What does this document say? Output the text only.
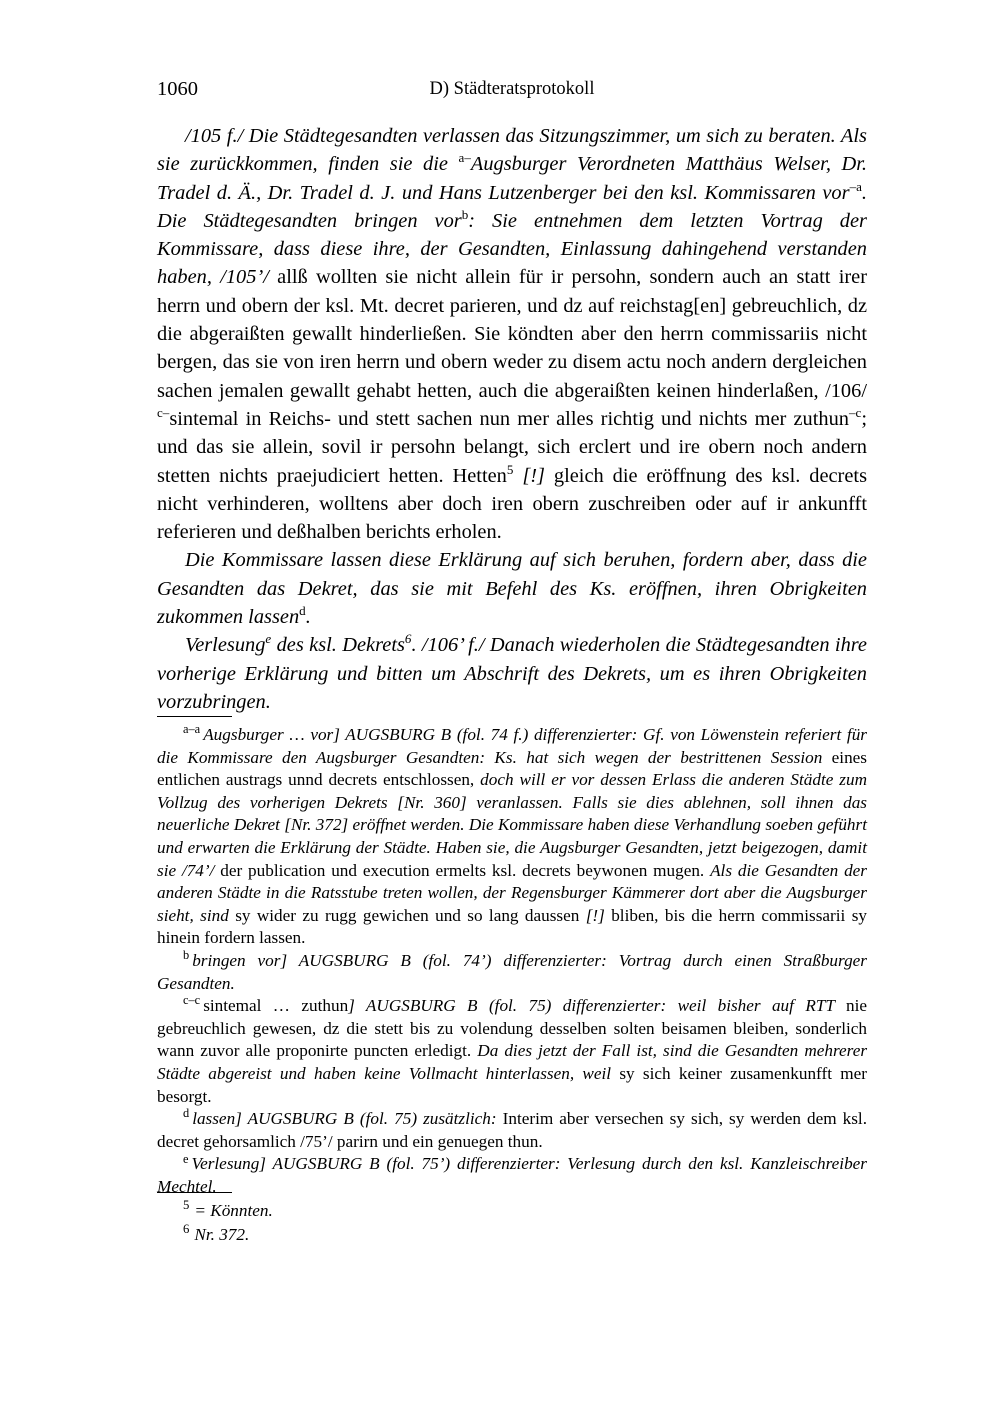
1060	D) Städteratsprotokoll

/105 f./ Die Städtegesandten verlassen das Sitzungszimmer, um sich zu beraten. Als sie zurückkommen, finden sie die $^{a-}$Augsburger Verordneten Matthäus Welser, Dr. Tradel d. Ä., Dr. Tradel d. J. und Hans Lutzenberger bei den ksl. Kommissaren vor$^{-a}$. Die Städtegesandten bringen vor$^b$: Sie entnehmen dem letzten Vortrag der Kommissare, dass diese ihre, der Gesandten, Einlassung dahingehend verstanden haben, /105’/ allß wollten sie nicht allein für ir persohn, sondern auch an statt irer herrn und obern der ksl. Mt. decret parieren, und dz auf reichstag[en] gebreuchlich, dz die abgeraißten gewallt hinderließen. Sie köndten aber den herrn commissariis nicht bergen, das sie von iren herrn und obern weder zu disem actu noch andern dergleichen sachen jemalen gewallt gehabt hetten, auch die abgeraißten keinen hinderlaßen, /106/ $^{c-}$sintemal in Reichs- und stett sachen nun mer alles richtig und nichts mer zuthun$^{-c}$; und das sie allein, sovil ir persohn belangt, sich erclert und ire obern noch andern stetten nichts praejudiciert hetten. Hetten$^5$ [!] gleich die eröffnung des ksl. decrets nicht verhinderen, wolltens aber doch iren obern zuschreiben oder auf ir ankunfft referieren und deßhalben berichts erholen.

Die Kommissare lassen diese Erklärung auf sich beruhen, fordern aber, dass die Gesandten das Dekret, das sie mit Befehl des Ks. eröffnen, ihren Obrigkeiten zukommen lassen$^d$.

Verlesung$^e$ des ksl. Dekrets$^6$. /106’ f./ Danach wiederholen die Städtegesandten ihre vorherige Erklärung und bitten um Abschrift des Dekrets, um es ihren Obrigkeiten vorzubringen.

$^{a-a}$ Augsburger … vor] AUGSBURG B (fol. 74 f.) differenzierter: Gf. von Löwenstein referiert für die Kommissare den Augsburger Gesandten: Ks. hat sich wegen der bestrittenen Session eines entlichen austrags unnd decrets entschlossen, doch will er vor dessen Erlass die anderen Städte zum Vollzug des vorherigen Dekrets [Nr. 360] veranlassen. Falls sie dies ablehnen, soll ihnen das neuerliche Dekret [Nr. 372] eröffnet werden. Die Kommissare haben diese Verhandlung soeben geführt und erwarten die Erklärung der Städte. Haben sie, die Augsburger Gesandten, jetzt beigezogen, damit sie /74’/ der publication und execution ermelts ksl. decrets beywonen mugen. Als die Gesandten der anderen Städte in die Ratsstube treten wollen, der Regensburger Kämmerer dort aber die Augsburger sieht, sind sy wider zu rugg gewichen und so lang daussen [!] bliben, bis die herrn commissarii sy hinein fordern lassen.

$^b$ bringen vor] AUGSBURG B (fol. 74’) differenzierter: Vortrag durch einen Straßburger Gesandten.

$^{c-c}$ sintemal … zuthun] AUGSBURG B (fol. 75) differenzierter: weil bisher auf RTT nie gebreuchlich gewesen, dz die stett bis zu volendung desselben solten beisamen bleiben, sonderlich wann zuvor alle proponirte puncten erledigt. Da dies jetzt der Fall ist, sind die Gesandten mehrerer Städte abgereist und haben keine Vollmacht hinterlassen, weil sy sich keiner zusamenkunfft mer besorgt.

$^d$ lassen] AUGSBURG B (fol. 75) zusätzlich: Interim aber versechen sy sich, sy werden dem ksl. decret gehorsamlich /75’/ parirn und ein genuegen thun.

$^e$ Verlesung] AUGSBURG B (fol. 75’) differenzierter: Verlesung durch den ksl. Kanzleischreiber Mechtel.

$^5$ = Könnten.

$^6$ Nr. 372.
